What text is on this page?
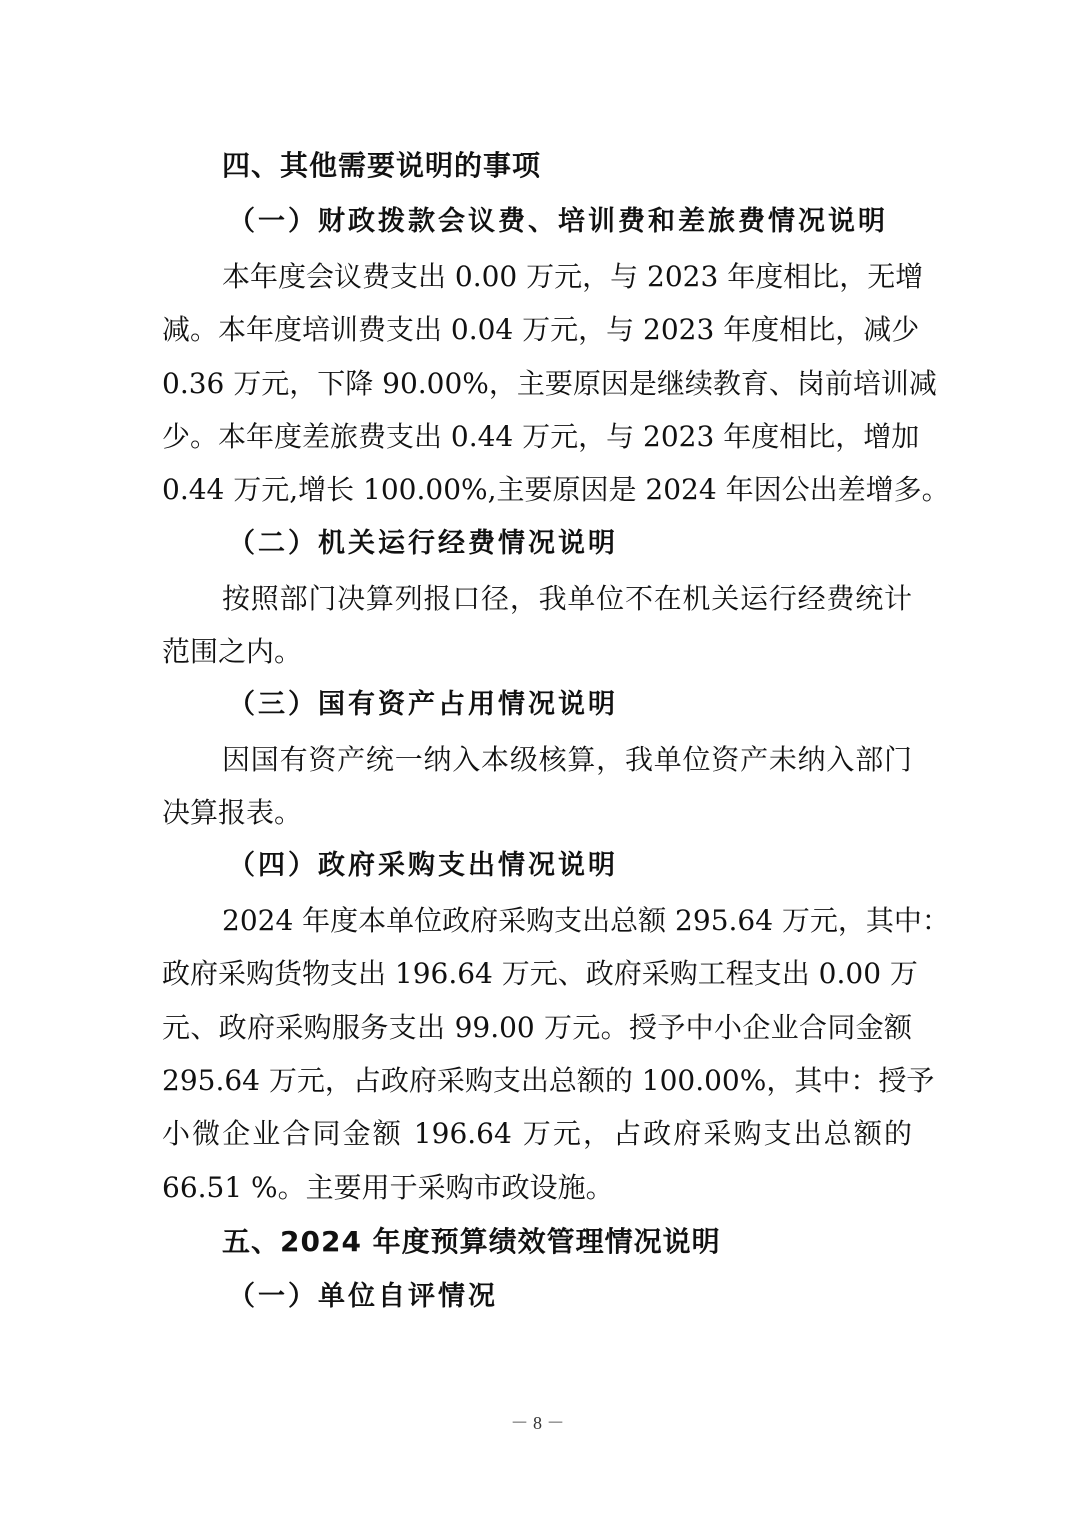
四、其他需要说明的事项
（一）财政拨款会议费、培训费和差旅费情况说明
本年度会议费支出 0.00 万元，与 2023 年度相比，无增
减。本年度培训费支出 0.04 万元，与 2023 年度相比，减少
0.36 万元，下降 90.00%，主要原因是继续教育、岗前培训减
少。本年度差旅费支出 0.44 万元，与 2023 年度相比，增加
0.44 万元,增长 100.00%,主要原因是 2024 年因公出差增多。
（二）机关运行经费情况说明
按照部门决算列报口径，我单位不在机关运行经费统计
范围之内。
（三）国有资产占用情况说明
因国有资产统一纳入本级核算，我单位资产未纳入部门
决算报表。
（四）政府采购支出情况说明
2024 年度本单位政府采购支出总额 295.64 万元，其中：
政府采购货物支出 196.64 万元、政府采购工程支出 0.00 万
元、政府采购服务支出 99.00 万元。授予中小企业合同金额
295.64 万元，占政府采购支出总额的 100.00%，其中：授予
小微企业合同金额 196.64 万元，占政府采购支出总额的
66.51 %。主要用于采购市政设施。
五、2024 年度预算绩效管理情况说明
（一）单位自评情况
－ 8 －
